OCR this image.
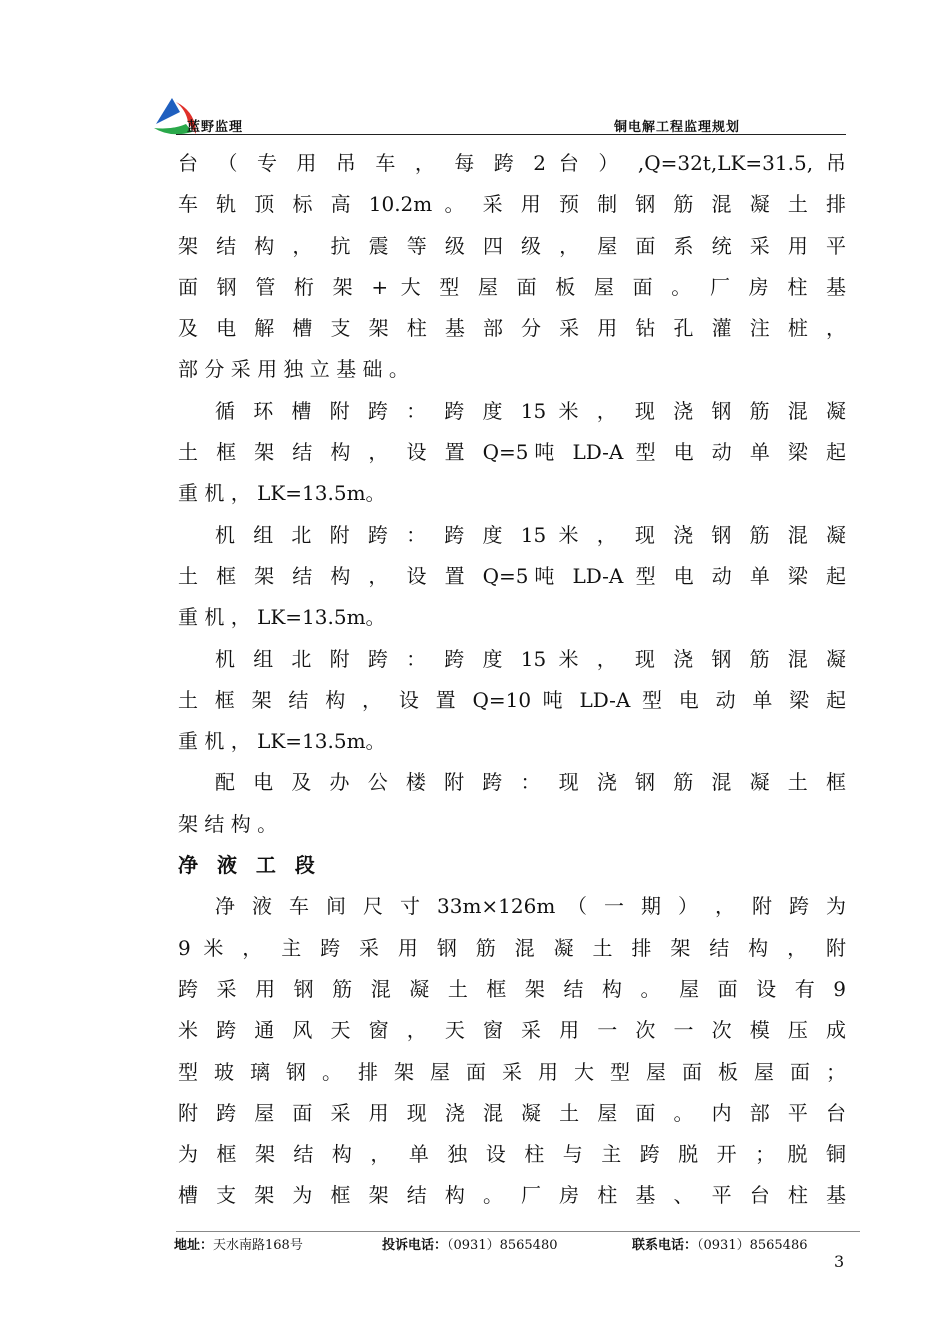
蓝野监理	铜电解工程监理规划
台 （ 专 用 吊 车 ， 每 跨 2 台 ） ,Q=32t,LK=31.5, 吊
车 轨 顶 标 高 10.2m 。 采 用 预 制 钢 筋 混 凝 土 排
架 结 构 ， 抗 震 等 级 四 级 ， 屋 面 系 统 采 用 平
面 钢 管 桁 架 + 大 型 屋 面 板 屋 面 。 厂 房 柱 基
及 电 解 槽 支 架 柱 基 部 分 采 用 钻 孔 灌 注 桩 ，
部 分 采 用 独 立 基 础 。
循 环 槽 附 跨 ： 跨 度 15 米 ， 现 浇 钢 筋 混 凝
土 框 架 结 构 ， 设 置 Q=5吨 LD-A 型 电 动 单 梁 起
重 机 ， LK=13.5m。
机 组 北 附 跨 ： 跨 度 15 米 ， 现 浇 钢 筋 混 凝
土 框 架 结 构 ， 设 置 Q=5吨 LD-A 型 电 动 单 梁 起
重 机 ， LK=13.5m。
机 组 北 附 跨 ： 跨 度 15 米 ， 现 浇 钢 筋 混 凝
土 框 架 结 构 ， 设 置 Q=10 吨 LD-A 型 电 动 单 梁 起
重 机 ， LK=13.5m。
配 电 及 办 公 楼 附 跨 ： 现 浇 钢 筋 混 凝 土 框
架 结 构 。
净 液 工 段
净 液 车 间 尺 寸 33m×126m （ 一 期 ） ， 附 跨 为
9 米 ， 主 跨 采 用 钢 筋 混 凝 土 排 架 结 构 ， 附
跨 采 用 钢 筋 混 凝 土 框 架 结 构 。 屋 面 设 有 9
米 跨 通 风 天 窗 ， 天 窗 采 用 一 次 一 次 模 压 成
型 玻 璃 钢 。 排 架 屋 面 采 用 大 型 屋 面 板 屋 面 ；
附 跨 屋 面 采 用 现 浇 混 凝 土 屋 面 。 内 部 平 台
为 框 架 结 构 ， 单 独 设 柱 与 主 跨 脱 开 ； 脱 铜
槽 支 架 为 框 架 结 构 。 厂 房 柱 基 、 平 台 柱 基
地址：天水南路168号	投诉电话：（0931）8565480	联系电话：（0931）8565486
3
